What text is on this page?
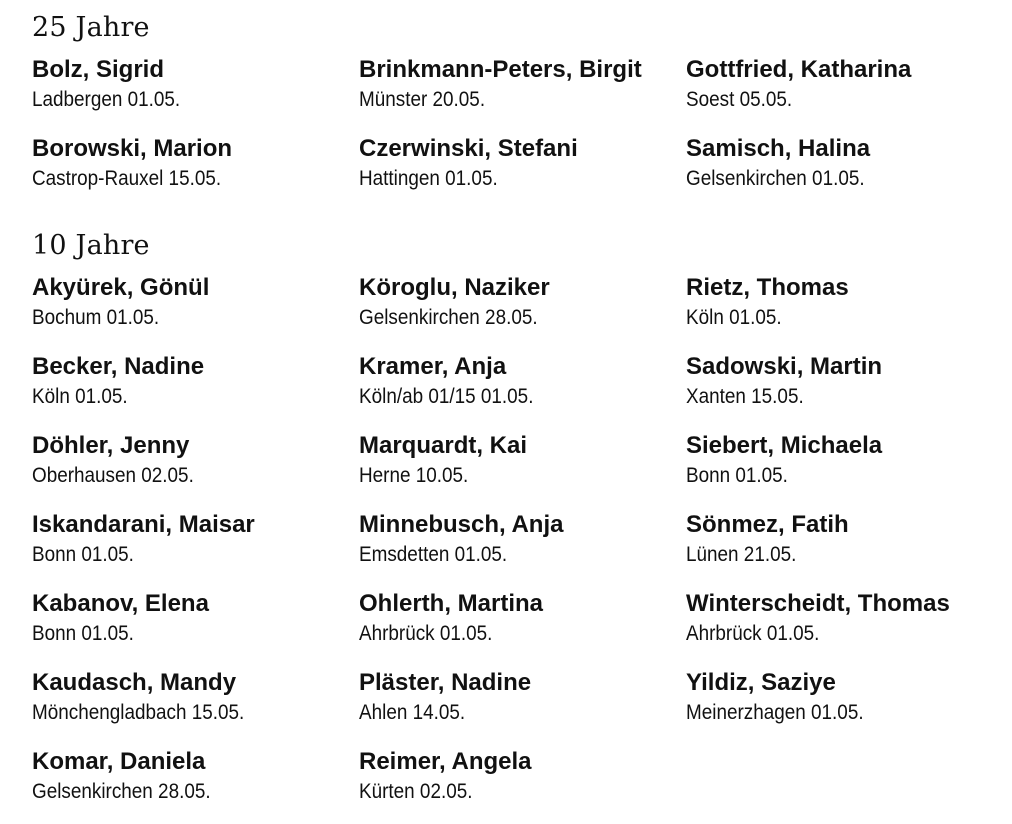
25 Jahre
Bolz, Sigrid
Ladbergen 01.05.
Borowski, Marion
Castrop-Rauxel 15.05.
Brinkmann-Peters, Birgit
Münster 20.05.
Czerwinski, Stefani
Hattingen 01.05.
Gottfried, Katharina
Soest 05.05.
Samisch, Halina
Gelsenkirchen 01.05.
10 Jahre
Akyürek, Gönül
Bochum 01.05.
Becker, Nadine
Köln 01.05.
Döhler, Jenny
Oberhausen 02.05.
Iskandarani, Maisar
Bonn 01.05.
Kabanov, Elena
Bonn 01.05.
Kaudasch, Mandy
Mönchengladbach 15.05.
Komar, Daniela
Gelsenkirchen 28.05.
Köroglu, Naziker
Gelsenkirchen 28.05.
Kramer, Anja
Köln/ab 01/15 01.05.
Marquardt, Kai
Herne 10.05.
Minnebusch, Anja
Emsdetten 01.05.
Ohlerth, Martina
Ahrbrück 01.05.
Pläster, Nadine
Ahlen 14.05.
Reimer, Angela
Kürten 02.05.
Rietz, Thomas
Köln 01.05.
Sadowski, Martin
Xanten 15.05.
Siebert, Michaela
Bonn 01.05.
Sönmez, Fatih
Lünen 21.05.
Winterscheidt, Thomas
Ahrbrück 01.05.
Yildiz, Saziye
Meinerzhagen 01.05.
